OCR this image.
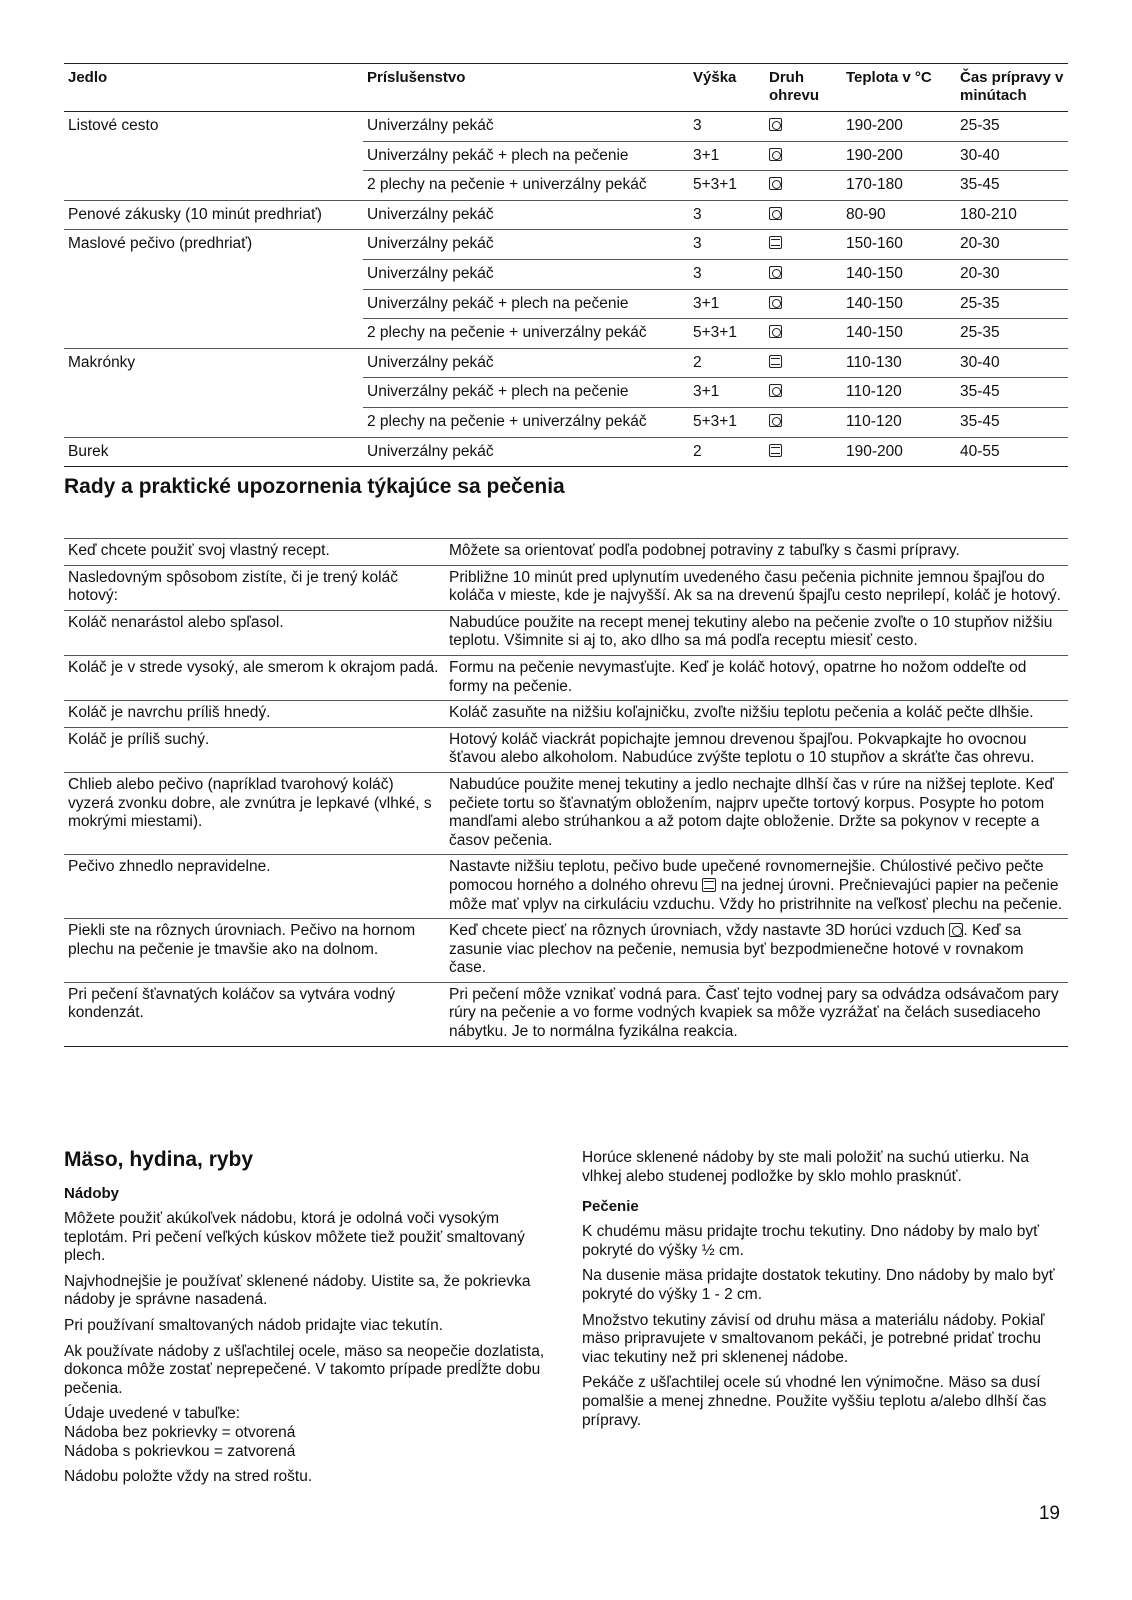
Jedlo	Príslušenstvo	Výška	Druh ohrevu	Teplota v °C	Čas prípravy v minútach
Listové cesto	Univerzálny pekáč	3		190-200	25-35
	Univerzálny pekáč + plech na pečenie	3+1		190-200	30-40
	2 plechy na pečenie + univerzálny pekáč	5+3+1		170-180	35-45
Penové zákusky (10 minút predhriať)	Univerzálny pekáč	3		80-90	180-210
Maslové pečivo (predhriať)	Univerzálny pekáč	3		150-160	20-30
	Univerzálny pekáč	3		140-150	20-30
	Univerzálny pekáč + plech na pečenie	3+1		140-150	25-35
	2 plechy na pečenie + univerzálny pekáč	5+3+1		140-150	25-35
Makrónky	Univerzálny pekáč	2		110-130	30-40
	Univerzálny pekáč + plech na pečenie	3+1		110-120	35-45
	2 plechy na pečenie + univerzálny pekáč	5+3+1		110-120	35-45
Burek	Univerzálny pekáč	2		190-200	40-55
Rady a praktické upozornenia týkajúce sa pečenia
Keď chcete použiť svoj vlastný recept.	Môžete sa orientovať podľa podobnej potraviny z tabuľky s časmi prípravy.
Nasledovným spôsobom zistíte, či je trený koláč hotový:	Približne 10 minút pred uplynutím uvedeného času pečenia pichnite jemnou špajľou do koláča v mieste, kde je najvyšší. Ak sa na drevenú špajľu cesto neprilepí, koláč je hotový.
Koláč nenarástol alebo spľasol.	Nabudúce použite na recept menej tekutiny alebo na pečenie zvoľte o 10 stupňov nižšiu teplotu. Všimnite si aj to, ako dlho sa má podľa receptu miesiť cesto.
Koláč je v strede vysoký, ale smerom k okrajom padá.	Formu na pečenie nevymasťujte. Keď je koláč hotový, opatrne ho nožom oddeľte od formy na pečenie.
Koláč je navrchu príliš hnedý.	Koláč zasuňte na nižšiu koľajničku, zvoľte nižšiu teplotu pečenia a koláč pečte dlhšie.
Koláč je príliš suchý.	Hotový koláč viackrát popichajte jemnou drevenou špajľou. Pokvapkajte ho ovocnou šťavou alebo alkoholom. Nabudúce zvýšte teplotu o 10 stupňov a skráťte čas ohrevu.
Chlieb alebo pečivo (napríklad tvarohový koláč) vyzerá zvonku dobre, ale zvnútra je lepkavé (vlhké, s mokrými miestami).	Nabudúce použite menej tekutiny a jedlo nechajte dlhší čas v rúre na nižšej teplote. Keď pečiete tortu so šťavnatým obložením, najprv upečte tortový korpus. Posypte ho potom mandľami alebo strúhankou a až potom dajte obloženie. Držte sa pokynov v recepte a časov pečenia.
Pečivo zhnedlo nepravidelne.	Nastavte nižšiu teplotu, pečivo bude upečené rovnomernejšie. Chúlostivé pečivo pečte pomocou horného a dolného ohrevu na jednej úrovni. Prečnievajúci papier na pečenie môže mať vplyv na cirkuláciu vzduchu. Vždy ho pristrihnite na veľkosť plechu na pečenie.
Piekli ste na rôznych úrovniach. Pečivo na hornom plechu na pečenie je tmavšie ako na dolnom.	Keď chcete piecť na rôznych úrovniach, vždy nastavte 3D horúci vzduch . Keď sa zasunie viac plechov na pečenie, nemusia byť bezpodmienečne hotové v rovnakom čase.
Pri pečení šťavnatých koláčov sa vytvára vodný kondenzát.	Pri pečení môže vznikať vodná para. Časť tejto vodnej pary sa odvádza odsávačom pary rúry na pečenie a vo forme vodných kvapiek sa môže vyzrážať na čelách susediaceho nábytku. Je to normálna fyzikálna reakcia.
Mäso, hydina, ryby
Nádoby

Môžete použiť akúkoľvek nádobu, ktorá je odolná voči vysokým teplotám. Pri pečení veľkých kúskov môžete tiež použiť smaltovaný plech.

Najvhodnejšie je používať sklenené nádoby. Uistite sa, že pokrievka nádoby je správne nasadená.

Pri používaní smaltovaných nádob pridajte viac tekutín.

Ak používate nádoby z ušľachtilej ocele, mäso sa neopečie dozlatista, dokonca môže zostať neprepečené. V takomto prípade predĺžte dobu pečenia.

Údaje uvedené v tabuľke:
Nádoba bez pokrievky = otvorená
Nádoba s pokrievkou = zatvorená

Nádobu položte vždy na stred roštu.

Horúce sklenené nádoby by ste mali položiť na suchú utierku. Na vlhkej alebo studenej podložke by sklo mohlo prasknúť.

Pečenie

K chudému mäsu pridajte trochu tekutiny. Dno nádoby by malo byť pokryté do výšky ½ cm.

Na dusenie mäsa pridajte dostatok tekutiny. Dno nádoby by malo byť pokryté do výšky 1 - 2 cm.

Množstvo tekutiny závisí od druhu mäsa a materiálu nádoby. Pokiaľ mäso pripravujete v smaltovanom pekáči, je potrebné pridať trochu viac tekutiny než pri sklenenej nádobe.

Pekáče z ušľachtilej ocele sú vhodné len výnimočne. Mäso sa dusí pomalšie a menej zhnedne. Použite vyššiu teplotu a/alebo dlhší čas prípravy.

19
